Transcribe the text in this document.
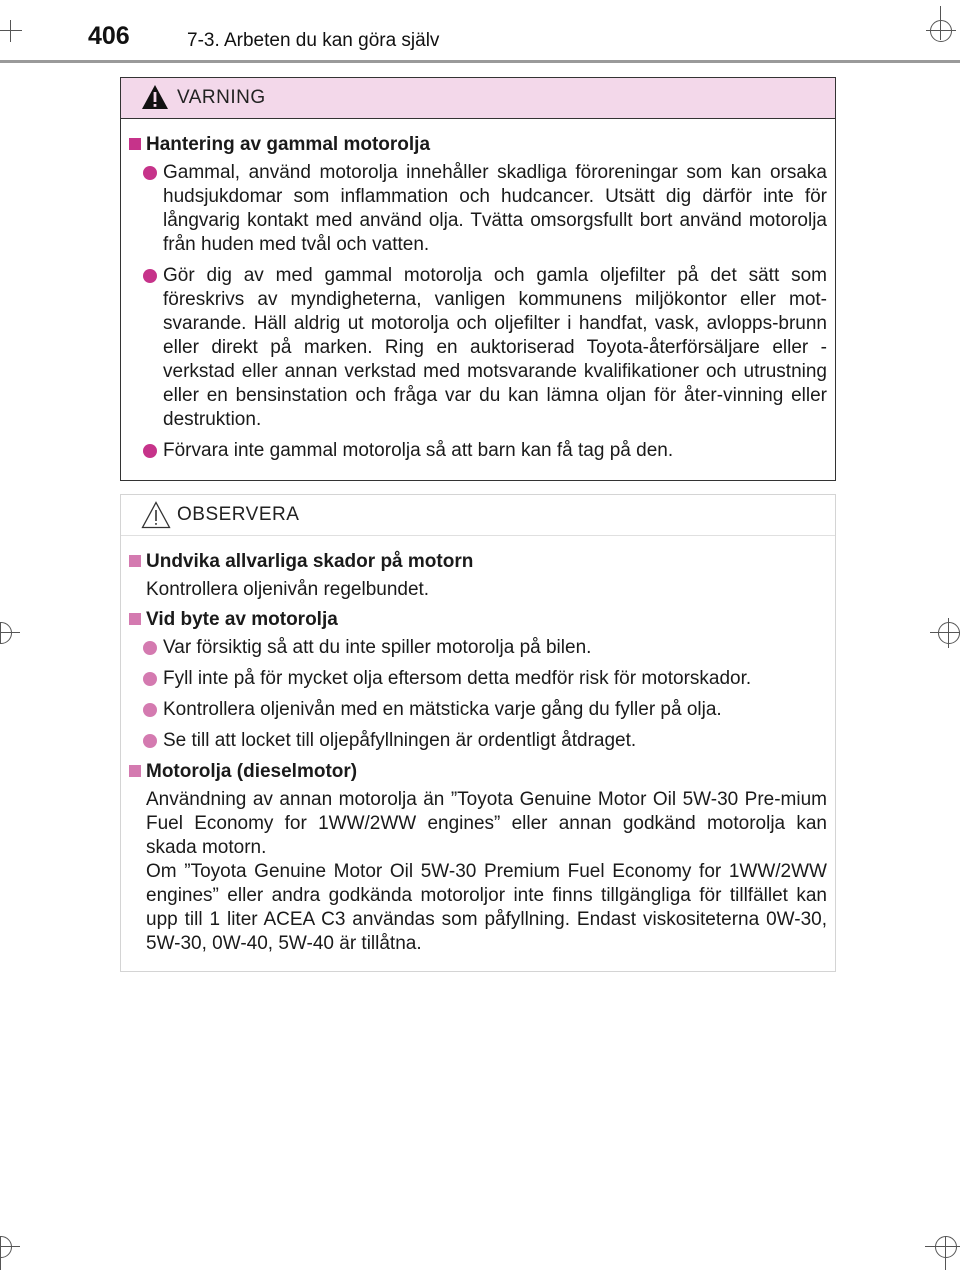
406	7-3. Arbeten du kan göra själv
VARNING
Hantering av gammal motorolja
Gammal, använd motorolja innehåller skadliga föroreningar som kan orsaka hudsjukdomar som inflammation och hudcancer. Utsätt dig därför inte för långvarig kontakt med använd olja. Tvätta omsorgsfullt bort använd motorolja från huden med tvål och vatten.
Gör dig av med gammal motorolja och gamla oljefilter på det sätt som föreskrivs av myndigheterna, vanligen kommunens miljökontor eller mot-svarande. Häll aldrig ut motorolja och oljefilter i handfat, vask, avlopps-brunn eller direkt på marken. Ring en auktoriserad Toyota-återförsäljare eller -verkstad eller annan verkstad med motsvarande kvalifikationer och utrustning eller en bensinstation och fråga var du kan lämna oljan för åter-vinning eller destruktion.
Förvara inte gammal motorolja så att barn kan få tag på den.
OBSERVERA
Undvika allvarliga skador på motorn
Kontrollera oljenivån regelbundet.
Vid byte av motorolja
Var försiktig så att du inte spiller motorolja på bilen.
Fyll inte på för mycket olja eftersom detta medför risk för motorskador.
Kontrollera oljenivån med en mätsticka varje gång du fyller på olja.
Se till att locket till oljepåfyllningen är ordentligt åtdraget.
Motorolja (dieselmotor)
Användning av annan motorolja än ”Toyota Genuine Motor Oil 5W-30 Pre-mium Fuel Economy for 1WW/2WW engines” eller annan godkänd motorolja kan skada motorn.
Om ”Toyota Genuine Motor Oil 5W-30 Premium Fuel Economy for 1WW/2WW engines” eller andra godkända motoroljor inte finns tillgängliga för tillfället kan upp till 1 liter ACEA C3 användas som påfyllning. Endast viskositeterna 0W-30, 5W-30, 0W-40, 5W-40 är tillåtna.
